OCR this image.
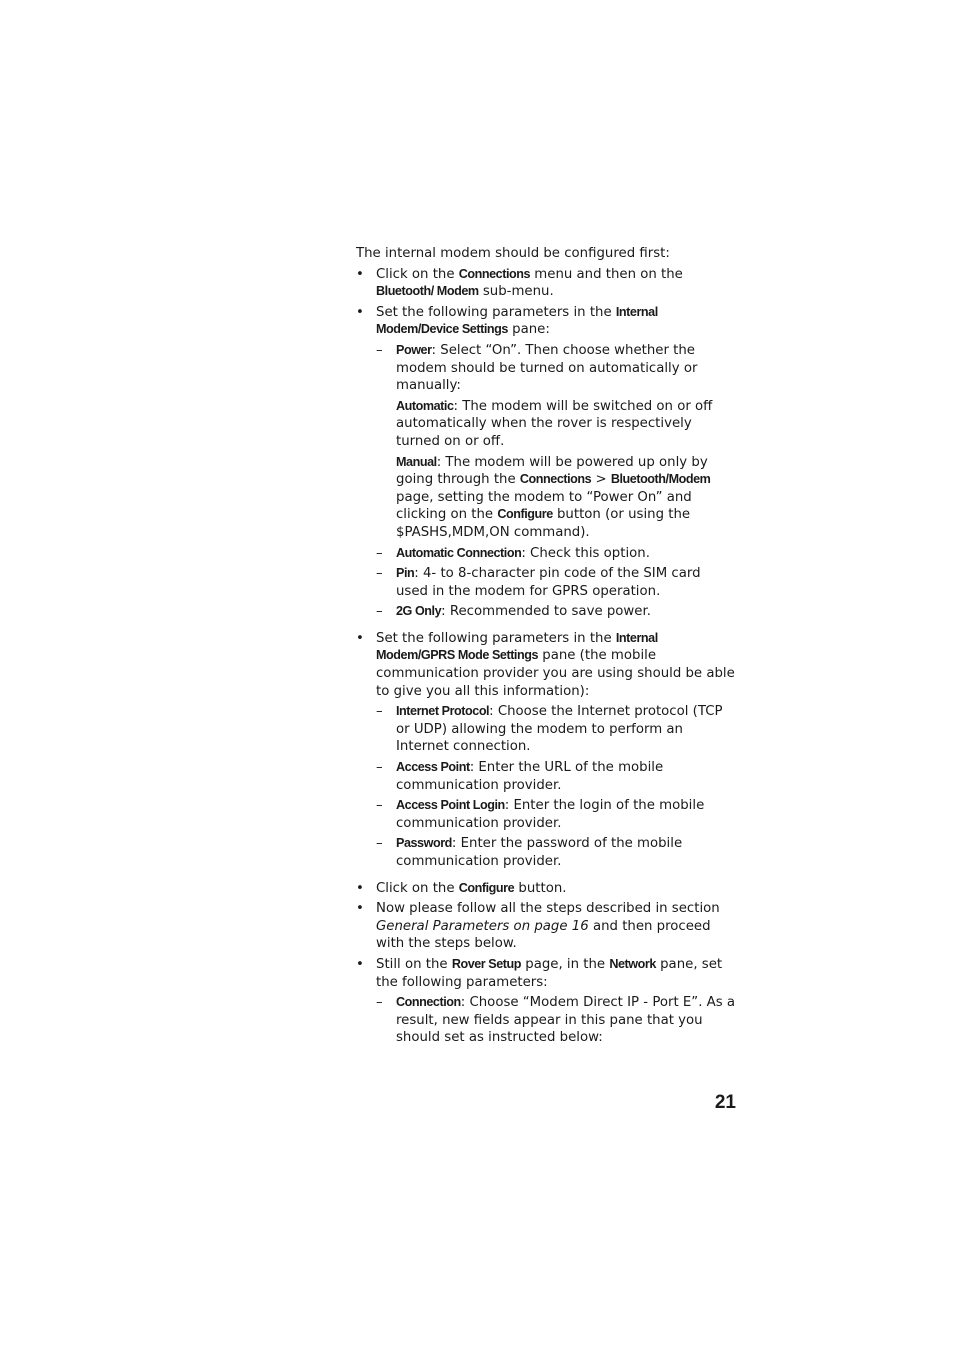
The internal modem should be configured first:

• Click on the Connections menu and then on the Bluetooth/ Modem sub-menu.
• Set the following parameters in the Internal Modem/Device Settings pane:
– Power: Select “On”. Then choose whether the modem should be turned on automatically or manually:

Automatic: The modem will be switched on or off automatically when the rover is respectively turned on or off.

Manual: The modem will be powered up only by going through the Connections > Bluetooth/Modem page, setting the modem to “Power On” and clicking on the Configure button (or using the $PASHS,MDM,ON command).

– Automatic Connection: Check this option.
– Pin: 4- to 8-character pin code of the SIM card used in the modem for GPRS operation.
– 2G Only: Recommended to save power.
• Set the following parameters in the Internal Modem/GPRS Mode Settings pane (the mobile communication provider you are using should be able to give you all this information):
– Internet Protocol: Choose the Internet protocol (TCP or UDP) allowing the modem to perform an Internet connection.
– Access Point: Enter the URL of the mobile communication provider.
– Access Point Login: Enter the login of the mobile communication provider.
– Password: Enter the password of the mobile communication provider.
• Click on the Configure button.
• Now please follow all the steps described in section General Parameters on page 16 and then proceed with the steps below.
• Still on the Rover Setup page, in the Network pane, set the following parameters:
– Connection: Choose “Modem Direct IP - Port E”. As a result, new fields appear in this pane that you should set as instructed below:
21
